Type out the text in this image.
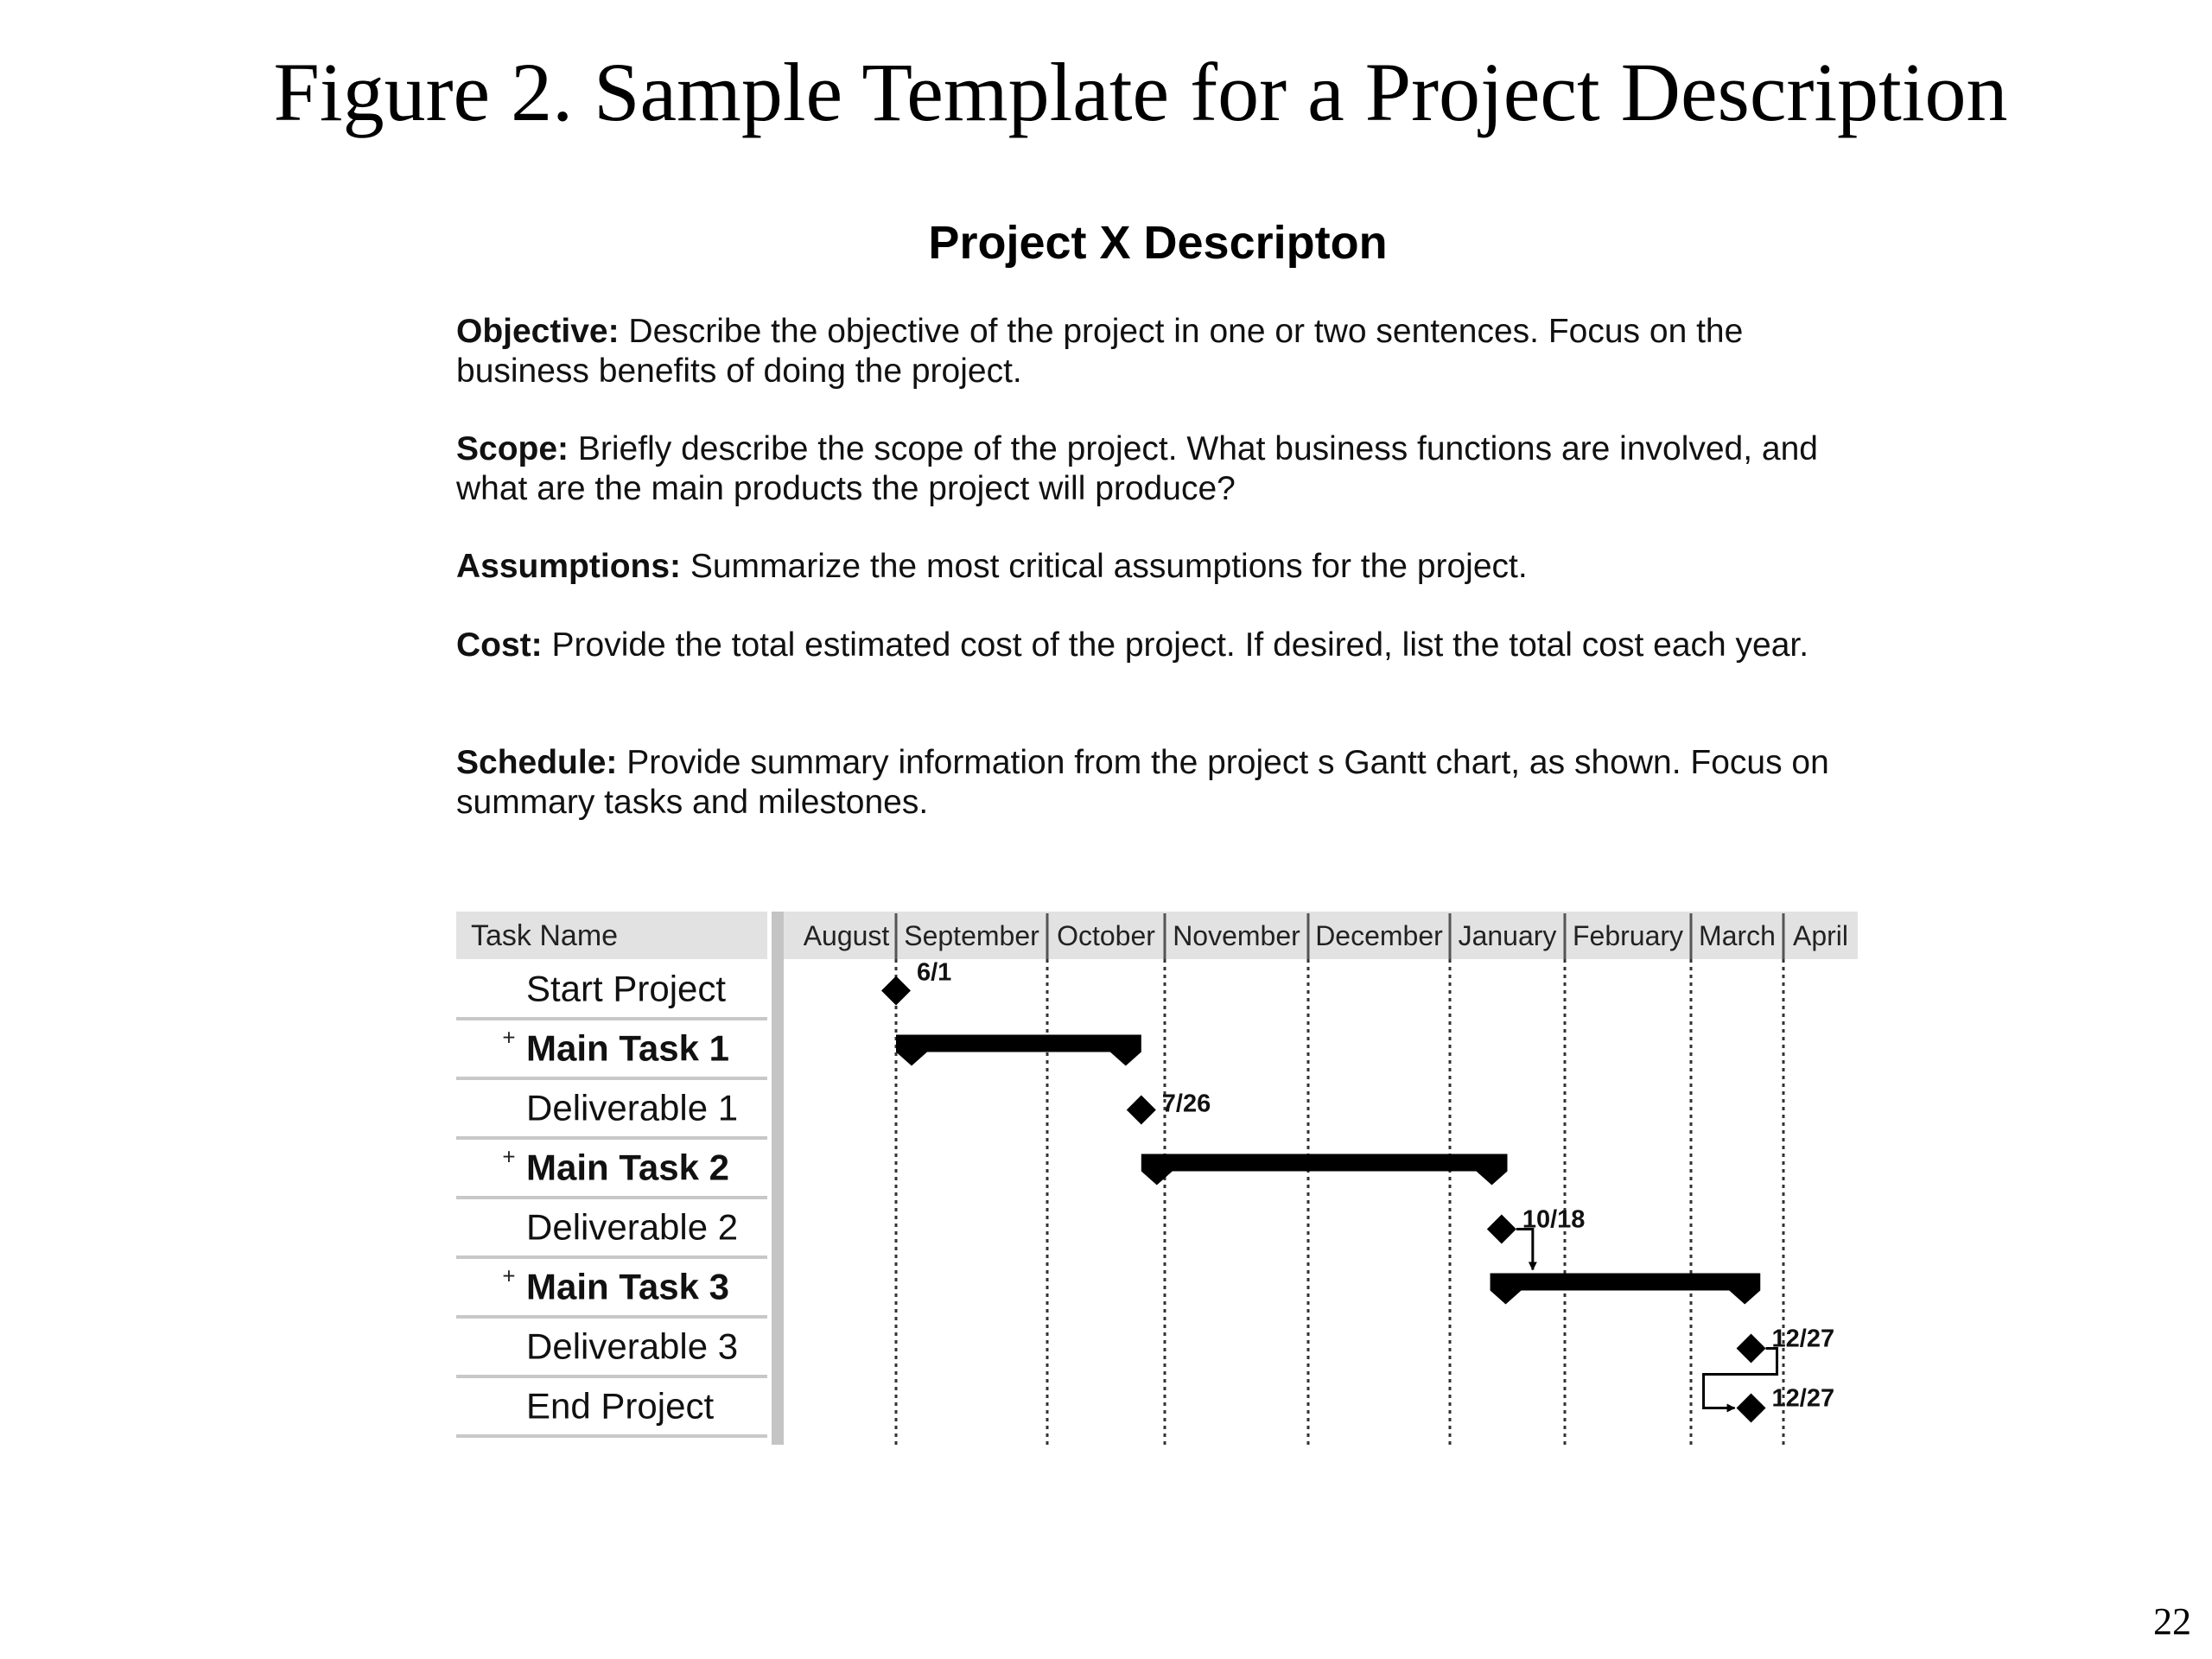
Figure 2. Sample Template for a Project Description
Project X Descripton

Objective: Describe the objective of the project in one or two sentences. Focus on the business benefits of doing the project.

Scope: Briefly describe the scope of the project. What business functions are involved, and what are the main products the project will produce?

Assumptions: Summarize the most critical assumptions for the project.

Cost: Provide the total estimated cost of the project. If desired, list the total cost each year.

Schedule: Provide summary information from the project s Gantt chart, as shown. Focus on summary tasks and milestones.

Task Name	August September October November December January February March April
Start Project	6/1
+ Main Task 1
Deliverable 1	7/26
+ Main Task 2
Deliverable 2	10/18
+ Main Task 3
Deliverable 3	12/27
End Project	12/27
22
